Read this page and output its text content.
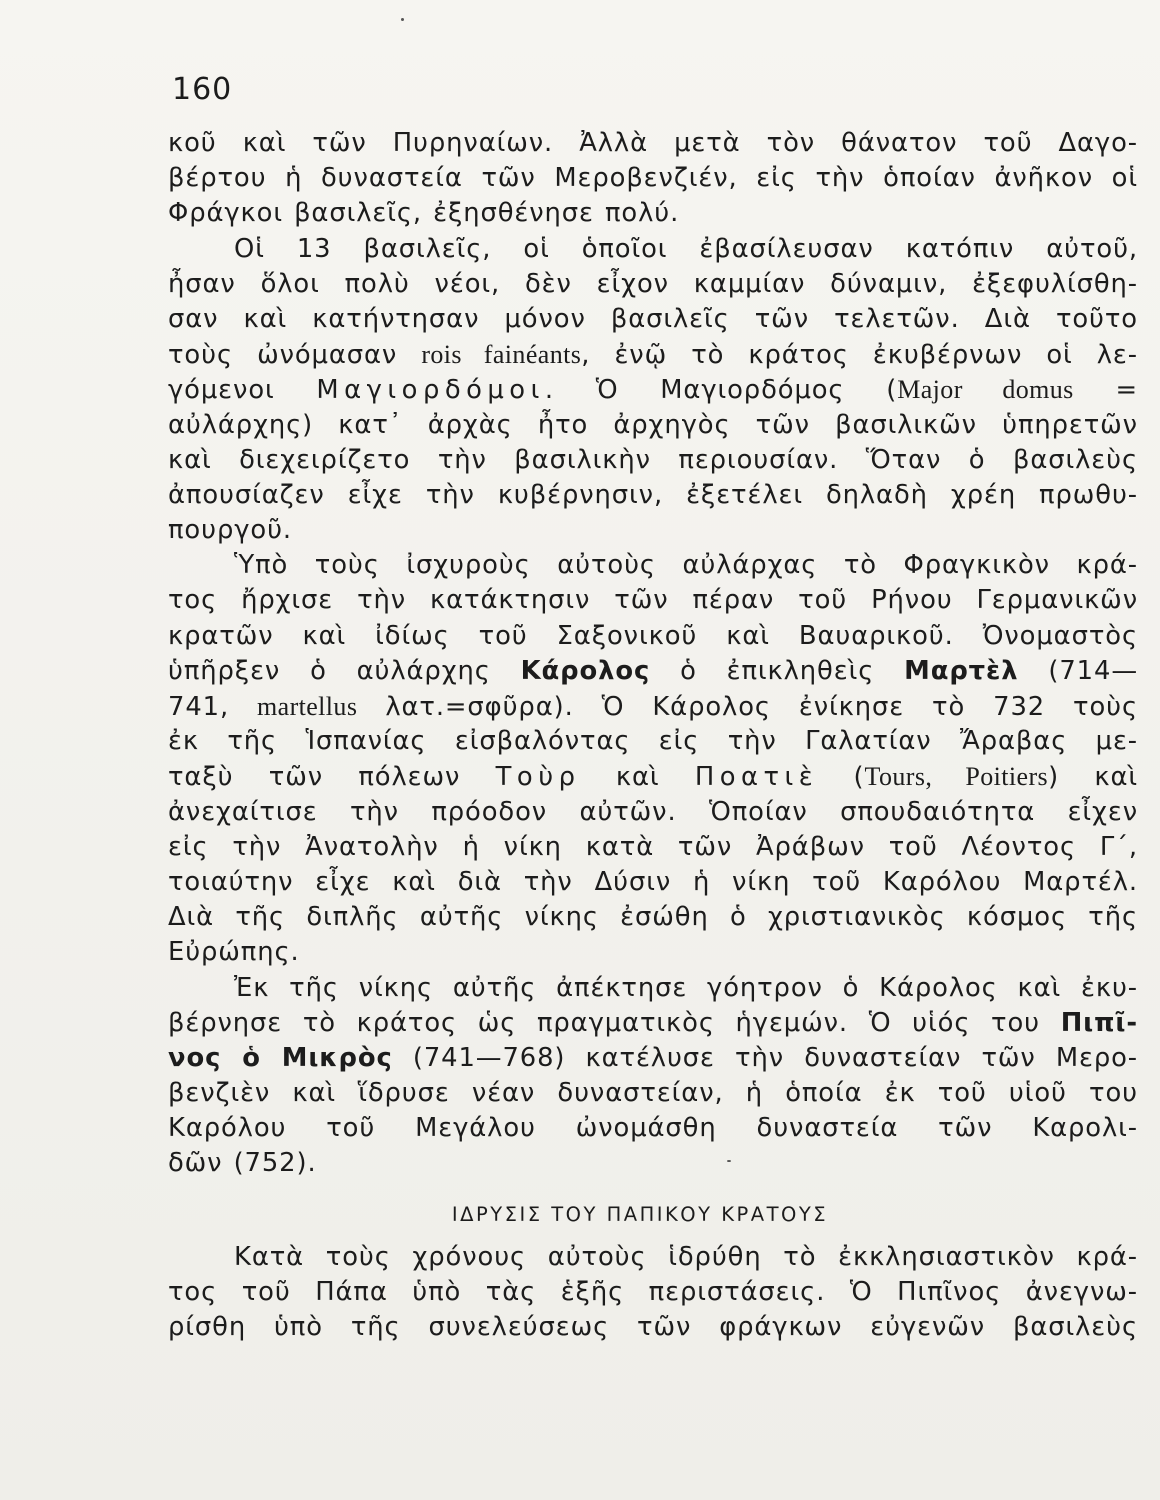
160
κοῦ καὶ τῶν Πυρηναίων. Ἀλλὰ μετὰ τὸν θάνατον τοῦ Δαγο-
βέρτου ἡ δυναστεία τῶν Μεροβενζιέν, εἰς τὴν ὁποίαν ἀνῆκον οἱ
Φράγκοι βασιλεῖς, ἐξησθένησε πολύ.
Οἱ 13 βασιλεῖς, οἱ ὁποῖοι ἐβασίλευσαν κατόπιν αὐτοῦ,
ἦσαν ὅλοι πολὺ νέοι, δὲν εἶχον καμμίαν δύναμιν, ἐξεφυλίσθη-
σαν καὶ κατήντησαν μόνον βασιλεῖς τῶν τελετῶν. Διὰ τοῦτο
τοὺς ὠνόμασαν rois fainéants, ἐνῷ τὸ κράτος ἐκυβέρνων οἱ λε-
γόμενοι Μαγιορδόμοι. Ὁ Μαγιορδόμος (Major domus =
αὐλάρχης) κατ᾽ ἀρχὰς ἦτο ἀρχηγὸς τῶν βασιλικῶν ὑπηρετῶν
καὶ διεχειρίζετο τὴν βασιλικὴν περιουσίαν. Ὅταν ὁ βασιλεὺς
ἀπουσίαζεν εἶχε τὴν κυβέρνησιν, ἐξετέλει δηλαδὴ χρέη πρωθυ-
πουργοῦ.
Ὑπὸ τοὺς ἰσχυροὺς αὐτοὺς αὐλάρχας τὸ Φραγκικὸν κρά-
τος ἤρχισε τὴν κατάκτησιν τῶν πέραν τοῦ Ρήνου Γερμανικῶν
κρατῶν καὶ ἰδίως τοῦ Σαξονικοῦ καὶ Βαυαρικοῦ. Ὀνομαστὸς
ὑπῆρξεν ὁ αὐλάρχης Κάρολος ὁ ἐπικληθεὶς Μαρτὲλ (714—
741, martellus λατ.=σφῦρα). Ὁ Κάρολος ἐνίκησε τὸ 732 τοὺς
ἐκ τῆς Ἱσπανίας εἰσβαλόντας εἰς τὴν Γαλατίαν Ἄραβας με-
ταξὺ τῶν πόλεων Τοὺρ καὶ Ποατιὲ (Tours, Poitiers) καὶ
ἀνεχαίτισε τὴν πρόοδον αὐτῶν. Ὁποίαν σπουδαιότητα εἶχεν
εἰς τὴν Ἀνατολὴν ἡ νίκη κατὰ τῶν Ἀράβων τοῦ Λέοντος Γ´,
τοιαύτην εἶχε καὶ διὰ τὴν Δύσιν ἡ νίκη τοῦ Καρόλου Μαρτέλ.
Διὰ τῆς διπλῆς αὐτῆς νίκης ἐσώθη ὁ χριστιανικὸς κόσμος τῆς
Εὐρώπης.
Ἐκ τῆς νίκης αὐτῆς ἀπέκτησε γόητρον ὁ Κάρολος καὶ ἐκυ-
βέρνησε τὸ κράτος ὡς πραγματικὸς ἡγεμών. Ὁ υἱός του Πιπῖ-
νος ὁ Μικρὸς (741—768) κατέλυσε τὴν δυναστείαν τῶν Μερο-
βενζιὲν καὶ ἵδρυσε νέαν δυναστείαν, ἡ ὁποία ἐκ τοῦ υἱοῦ του
Καρόλου τοῦ Μεγάλου ὠνομάσθη δυναστεία τῶν Καρολι-
δῶν (752).
ΙΔΡΥΣΙΣ ΤΟΥ ΠΑΠΙΚΟΥ ΚΡΑΤΟΥΣ
Κατὰ τοὺς χρόνους αὐτοὺς ἱδρύθη τὸ ἐκκλησιαστικὸν κρά-
τος τοῦ Πάπα ὑπὸ τὰς ἑξῆς περιστάσεις. Ὁ Πιπῖνος ἀνεγνω-
ρίσθη ὑπὸ τῆς συνελεύσεως τῶν φράγκων εὐγενῶν βασιλεὺς
